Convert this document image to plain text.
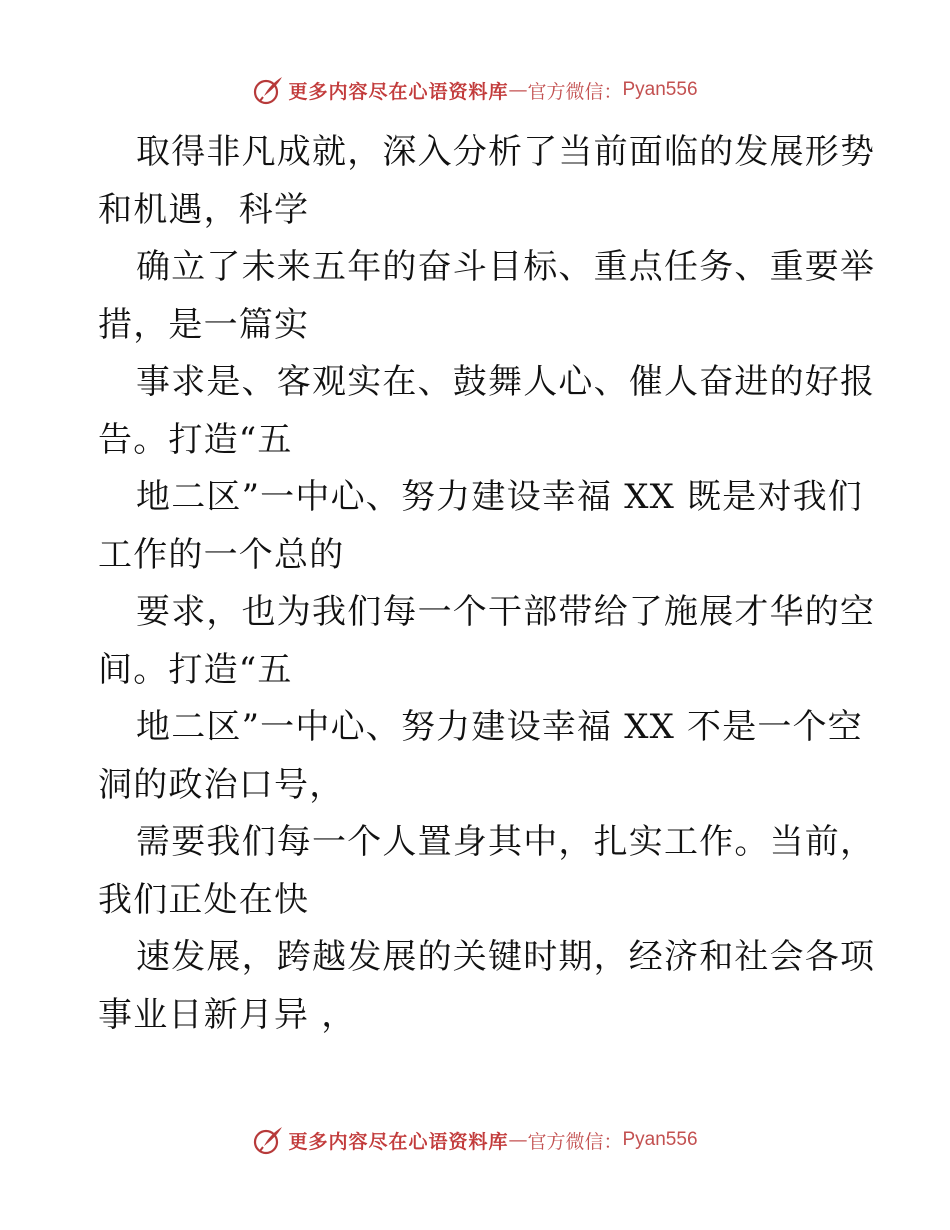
更多内容尽在心语资料库 — 官方微信： Pyan556
取得非凡成就，深入分析了当前面临的发展形势
和机遇，科学
确立了未来五年的奋斗目标、重点任务、重要举
措，是一篇实
事求是、客观实在、鼓舞人心、催人奋进的好报
告。打造“五
地二区”一中心、努力建设幸福 XX 既是对我们
工作的一个总的
要求，也为我们每一个干部带给了施展才华的空
间。打造“五
地二区”一中心、努力建设幸福 XX 不是一个空
洞的政治口号，
需要我们每一个人置身其中，扎实工作。当前，
我们正处在快
速发展，跨越发展的关键时期，经济和社会各项
事业日新月异 ，
更多内容尽在心语资料库 — 官方微信： Pyan556
